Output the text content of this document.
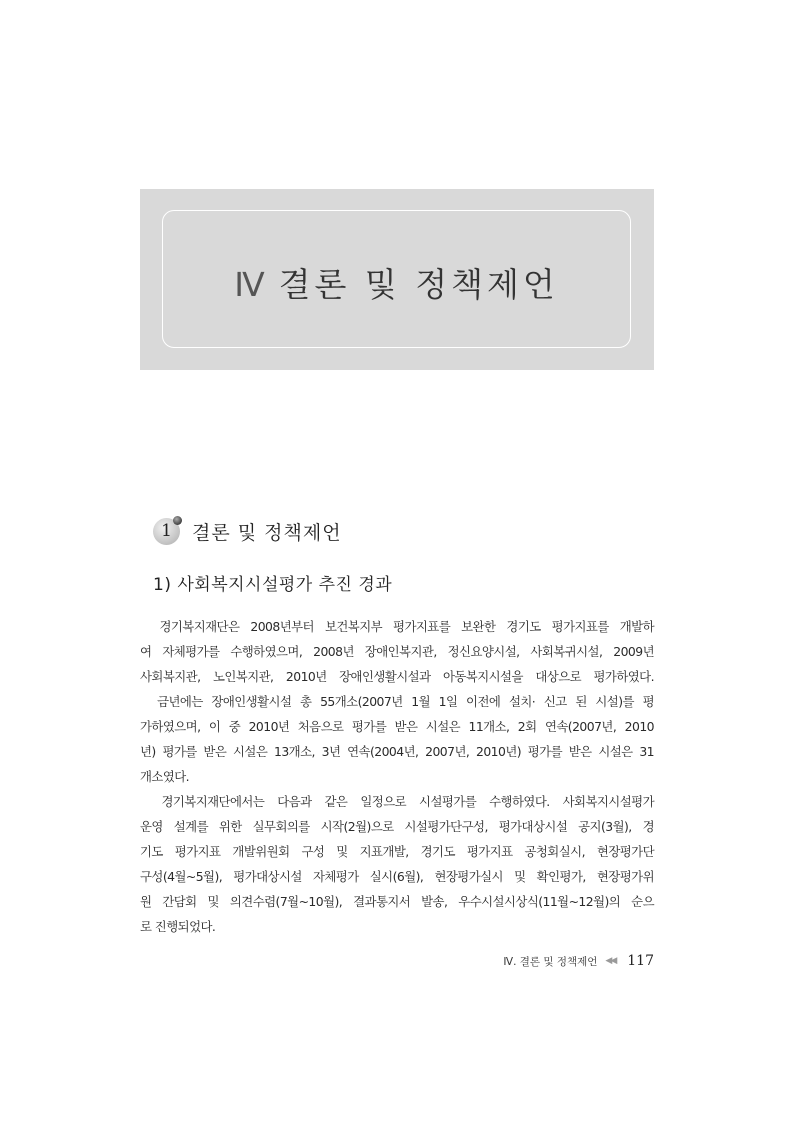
Ⅳ 결론 및 정책제언
1 결론 및 정책제언
1) 사회복지시설평가 추진 경과
　경기복지재단은 2008년부터 보건복지부 평가지표를 보완한 경기도 평가지표를 개발하
여 자체평가를 수행하였으며, 2008년 장애인복지관, 정신요양시설, 사회복귀시설, 2009년
사회복지관, 노인복지관, 2010년 장애인생활시설과 아동복지시설을 대상으로 평가하였다.
　금년에는 장애인생활시설 총 55개소(2007년 1월 1일 이전에 설치· 신고 된 시설)를 평
가하였으며, 이 중 2010년 처음으로 평가를 받은 시설은 11개소, 2회 연속(2007년, 2010
년) 평가를 받은 시설은 13개소, 3년 연속(2004년, 2007년, 2010년) 평가를 받은 시설은 31
개소였다.
　경기복지재단에서는 다음과 같은 일정으로 시설평가를 수행하였다. 사회복지시설평가
운영 설계를 위한 실무회의를 시작(2월)으로 시설평가단구성, 평가대상시설 공지(3월), 경
기도 평가지표 개발위원회 구성 및 지표개발, 경기도 평가지표 공청회실시, 현장평가단
구성(4월~5월), 평가대상시설 자체평가 실시(6월), 현장평가실시 및 확인평가, 현장평가위
원 간담회 및 의견수렴(7월~10월), 결과통지서 발송, 우수시설시상식(11월~12월)의 순으
로 진행되었다.
Ⅳ. 결론 및 정책제언 ◀◀ 117
